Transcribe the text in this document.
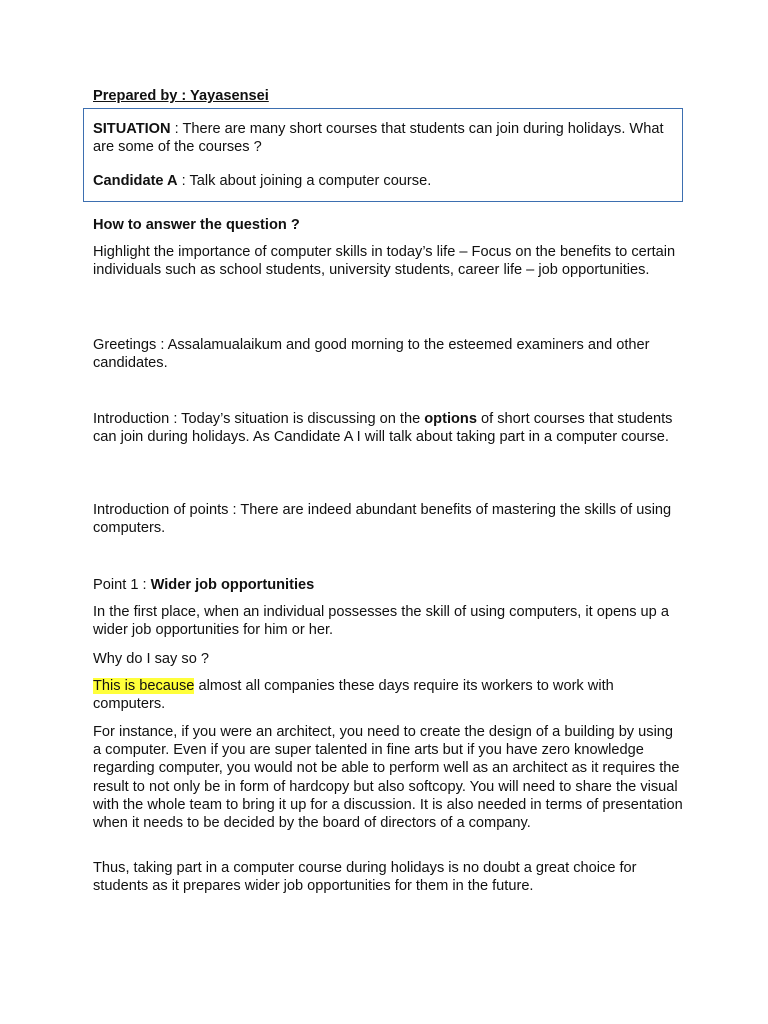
Prepared by : Yayasensei

SITUATION : There are many short courses that students can join during holidays. What are some of the courses ?

Candidate A : Talk about joining a computer course.

How to answer the question ?

Highlight the importance of computer skills in today’s life – Focus on the benefits to certain individuals such as school students, university students, career life – job opportunities.

Greetings : Assalamualaikum and good morning to the esteemed examiners and other candidates.

Introduction : Today’s situation is discussing on the options of short courses that students can join during holidays. As Candidate A I will talk about taking part in a computer course.

Introduction of points : There are indeed abundant benefits of mastering the skills of using computers.

Point 1 : Wider job opportunities

In the first place, when an individual possesses the skill of using computers, it opens up a wider job opportunities for him or her.

Why do I say so ?

This is because almost all companies these days require its workers to work with computers.

For instance, if you were an architect, you need to create the design of a building by using a computer. Even if you are super talented in fine arts but if you have zero knowledge regarding computer, you would not be able to perform well as an architect as it requires the result to not only be in form of hardcopy but also softcopy. You will need to share the visual with the whole team to bring it up for a discussion. It is also needed in terms of presentation when it needs to be decided by the board of directors of a company.

Thus, taking part in a computer course during holidays is no doubt a great choice for students as it prepares wider job opportunities for them in the future.
